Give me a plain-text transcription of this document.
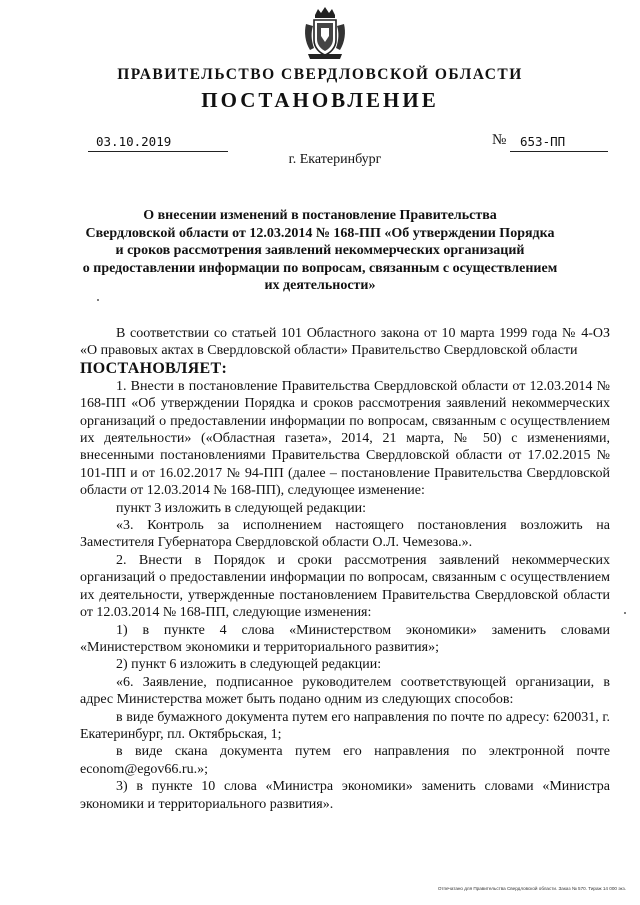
ПРАВИТЕЛЬСТВО СВЕРДЛОВСКОЙ ОБЛАСТИ
ПОСТАНОВЛЕНИЕ
03.10.2019	№ 653-ПП
г. Екатеринбург
О внесении изменений в постановление Правительства
Свердловской области от 12.03.2014 № 168-ПП «Об утверждении Порядка
и сроков рассмотрения заявлений некоммерческих организаций
о предоставлении информации по вопросам, связанным с осуществлением
их деятельности»

В соответствии со статьей 101 Областного закона от 10 марта 1999 года № 4-ОЗ «О правовых актах в Свердловской области» Правительство Свердловской области

ПОСТАНОВЛЯЕТ:

1. Внести в постановление Правительства Свердловской области от 12.03.2014 № 168-ПП «Об утверждении Порядка и сроков рассмотрения заявлений некоммерческих организаций о предоставлении информации по вопросам, связанным с осуществлением их деятельности» («Областная газета», 2014, 21 марта, № 50) с изменениями, внесенными постановлениями Правительства Свердловской области от 17.02.2015 № 101-ПП и от 16.02.2017 № 94-ПП (далее – постановление Правительства Свердловской области от 12.03.2014 № 168-ПП), следующее изменение:

пункт 3 изложить в следующей редакции:

«3. Контроль за исполнением настоящего постановления возложить на Заместителя Губернатора Свердловской области О.Л. Чемезова.».

2. Внести в Порядок и сроки рассмотрения заявлений некоммерческих организаций о предоставлении информации по вопросам, связанным с осуществлением их деятельности, утвержденные постановлением Правительства Свердловской области от 12.03.2014 № 168-ПП, следующие изменения:

1) в пункте 4 слова «Министерством экономики» заменить словами «Министерством экономики и территориального развития»;

2) пункт 6 изложить в следующей редакции:

«6. Заявление, подписанное руководителем соответствующей организации, в адрес Министерства может быть подано одним из следующих способов:

в виде бумажного документа путем его направления по почте по адресу: 620031, г. Екатеринбург, пл. Октябрьская, 1;

в виде скана документа путем его направления по электронной почте econom@egov66.ru.»;

3) в пункте 10 слова «Министра экономики» заменить словами «Министра экономики и территориального развития».

Отпечатано для Правительства Свердловской области. Заказ № 570. Тираж 14 000 экз.
